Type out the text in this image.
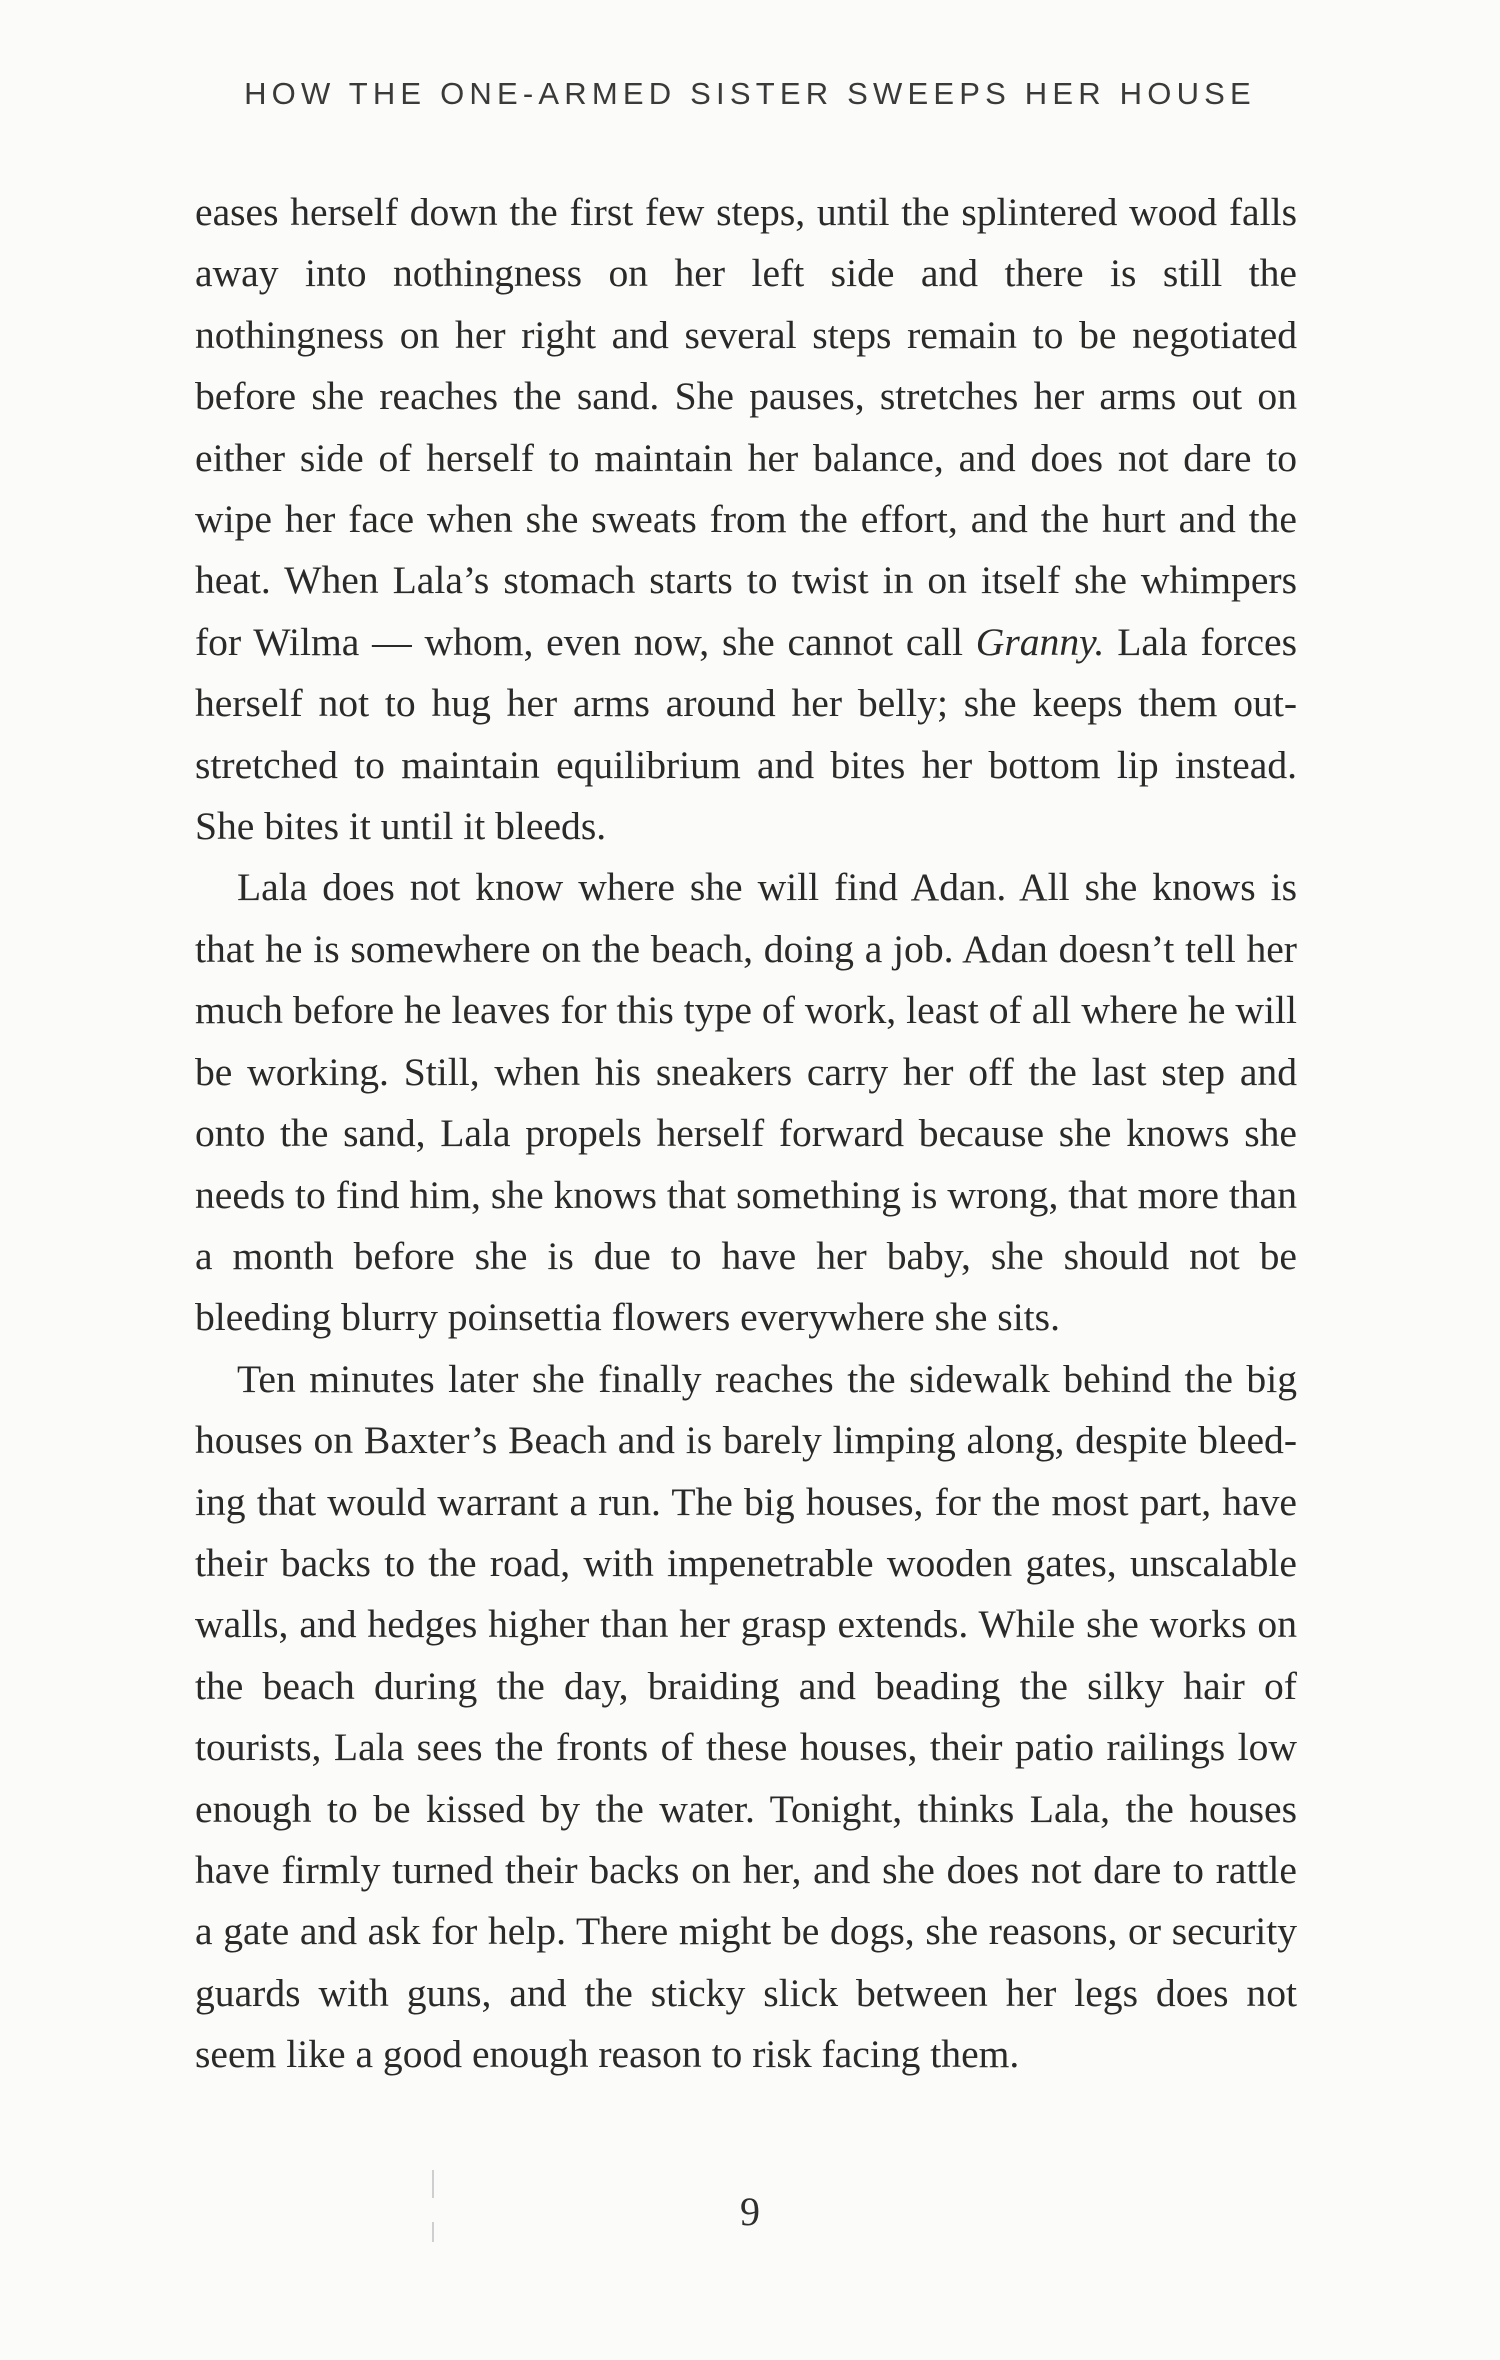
HOW THE ONE-ARMED SISTER SWEEPS HER HOUSE

eases herself down the first few steps, until the splintered wood falls away into nothingness on her left side and there is still the nothingness on her right and several steps remain to be negotiated before she reaches the sand. She pauses, stretches her arms out on either side of herself to maintain her balance, and does not dare to wipe her face when she sweats from the effort, and the hurt and the heat. When Lala’s stomach starts to twist in on itself she whimpers for Wilma — whom, even now, she cannot call Granny. Lala forces herself not to hug her arms around her belly; she keeps them outstretched to maintain equilibrium and bites her bottom lip instead. She bites it until it bleeds.

Lala does not know where she will find Adan. All she knows is that he is somewhere on the beach, doing a job. Adan doesn’t tell her much before he leaves for this type of work, least of all where he will be working. Still, when his sneakers carry her off the last step and onto the sand, Lala propels herself forward because she knows she needs to find him, she knows that something is wrong, that more than a month before she is due to have her baby, she should not be bleeding blurry poinsettia flowers everywhere she sits.

Ten minutes later she finally reaches the sidewalk behind the big houses on Baxter’s Beach and is barely limping along, despite bleeding that would warrant a run. The big houses, for the most part, have their backs to the road, with impenetrable wooden gates, unscalable walls, and hedges higher than her grasp extends. While she works on the beach during the day, braiding and beading the silky hair of tourists, Lala sees the fronts of these houses, their patio railings low enough to be kissed by the water. Tonight, thinks Lala, the houses have firmly turned their backs on her, and she does not dare to rattle a gate and ask for help. There might be dogs, she reasons, or security guards with guns, and the sticky slick between her legs does not seem like a good enough reason to risk facing them.

9
